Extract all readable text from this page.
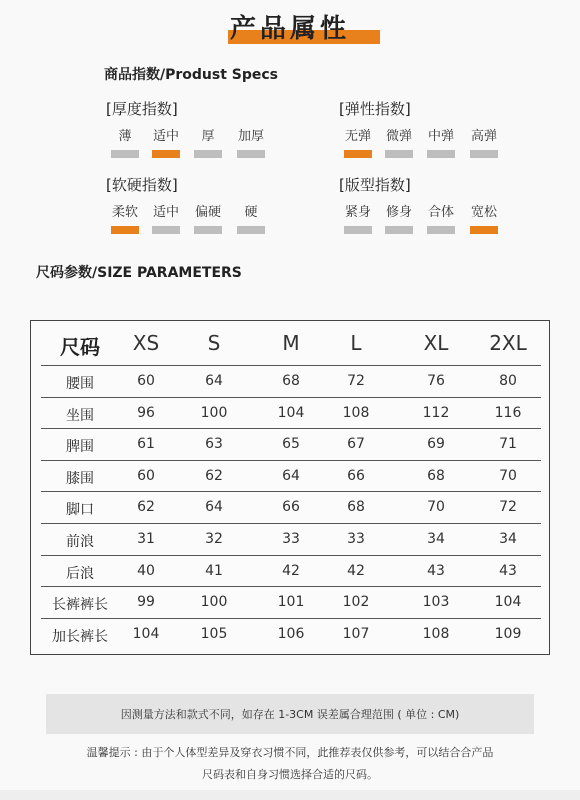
产品属性
商品指数/Produst Specs
[厚度指数]
薄	适中	厚	加厚
[弹性指数]
无弹	微弹	中弹	高弹
[软硬指数]
柔软	适中	偏硬	硬
[版型指数]
紧身	修身	合体	宽松
尺码参数/SIZE PARAMETERS
尺码	XS	S	M	L	XL	2XL
腰围	60	64	68	72	76	80
坐围	96	100	104	108	112	116
脾围	61	63	65	67	69	71
膝围	60	62	64	66	68	70
脚口	62	64	66	68	70	72
前浪	31	32	33	33	34	34
后浪	40	41	42	42	43	43
长裤裤长	99	100	101	102	103	104
加长裤长	104	105	106	107	108	109
因测量方法和款式不同，如存在 1-3CM 误差属合理范围 ( 单位 : CM)
温馨提示 : 由于个人体型差异及穿衣习惯不同，此推荐表仅供参考，可以结合合产品
尺码表和自身习惯选择合适的尺码。
